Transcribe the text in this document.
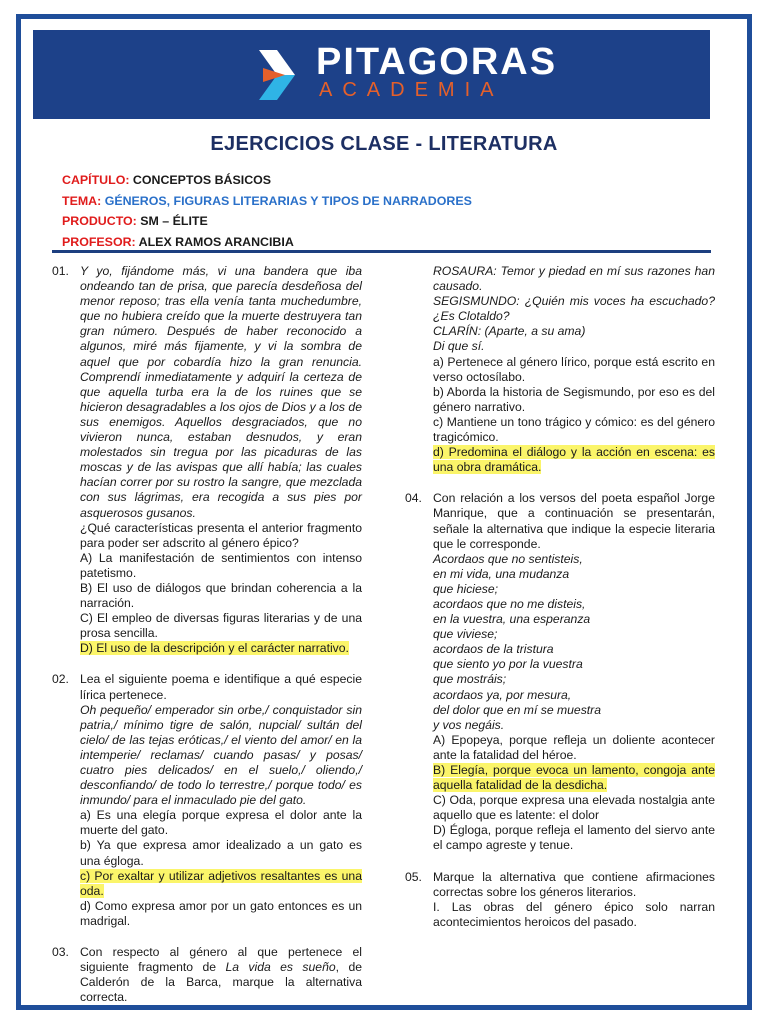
PITAGORAS
ACADEMIA
EJERCICIOS CLASE - LITERATURA
CAPÍTULO: CONCEPTOS BÁSICOS
TEMA: GÉNEROS, FIGURAS LITERARIAS Y TIPOS DE NARRADORES
PRODUCTO: SM – ÉLITE
PROFESOR: ALEX RAMOS ARANCIBIA
01. Y yo, fijándome más, vi una bandera que iba ondeando tan de prisa, que parecía desdeñosa del menor reposo; tras ella venía tanta muchedumbre, que no hubiera creído que la muerte destruyera tan gran número. Después de haber reconocido a algunos, miré más fijamente, y vi la sombra de aquel que por cobardía hizo la gran renuncia. Comprendí inmediatamente y adquirí la certeza de que aquella turba era la de los ruines que se hicieron desagradables a los ojos de Dios y a los de sus enemigos. Aquellos desgraciados, que no vivieron nunca, estaban desnudos, y eran molestados sin tregua por las picaduras de las moscas y de las avispas que allí había; las cuales hacían correr por su rostro la sangre, que mezclada con sus lágrimas, era recogida a sus pies por asquerosos gusanos.

¿Qué características presenta el anterior fragmento para poder ser adscrito al género épico?

A) La manifestación de sentimientos con intenso patetismo.

B) El uso de diálogos que brindan coherencia a la narración.

C) El empleo de diversas figuras literarias y de una prosa sencilla.

D) El uso de la descripción y el carácter narrativo.

02. Lea el siguiente poema e identifique a qué especie lírica pertenece.

Oh pequeño/ emperador sin orbe,/ conquistador sin patria,/ mínimo tigre de salón, nupcial/ sultán del cielo/ de las tejas eróticas,/ el viento del amor/ en la intemperie/ reclamas/ cuando pasas/ y posas/ cuatro pies delicados/ en el suelo,/ oliendo,/ desconfiando/ de todo lo terrestre,/ porque todo/ es inmundo/ para el inmaculado pie del gato.

a) Es una elegía porque expresa el dolor ante la muerte del gato.

b) Ya que expresa amor idealizado a un gato es una égloga.

c) Por exaltar y utilizar adjetivos resaltantes es una oda.

d) Como expresa amor por un gato entonces es un madrigal.

03. Con respecto al género al que pertenece el siguiente fragmento de La vida es sueño, de Calderón de la Barca, marque la alternativa correcta.

ROSAURA: Temor y piedad en mí sus razones han causado.

SEGISMUNDO: ¿Quién mis voces ha escuchado? ¿Es Clotaldo?

CLARÍN: (Aparte, a su ama)

Di que sí.

a) Pertenece al género lírico, porque está escrito en verso octosílabo.

b) Aborda la historia de Segismundo, por eso es del género narrativo.

c) Mantiene un tono trágico y cómico: es del género tragicómico.

d) Predomina el diálogo y la acción en escena: es una obra dramática.

04. Con relación a los versos del poeta español Jorge Manrique, que a continuación se presentarán, señale la alternativa que indique la especie literaria que le corresponde.

Acordaos que no sentisteis,

en mi vida, una mudanza

que hiciese;

acordaos que no me disteis,

en la vuestra, una esperanza

que viviese;

acordaos de la tristura

que siento yo por la vuestra

que mostráis;

acordaos ya, por mesura,

del dolor que en mí se muestra

y vos negáis.

A) Epopeya, porque refleja un doliente acontecer ante la fatalidad del héroe.

B) Elegía, porque evoca un lamento, congoja ante aquella fatalidad de la desdicha.

C) Oda, porque expresa una elevada nostalgia ante aquello que es latente: el dolor

D) Égloga, porque refleja el lamento del siervo ante el campo agreste y tenue.

05. Marque la alternativa que contiene afirmaciones correctas sobre los géneros literarios.

I. Las obras del género épico solo narran acontecimientos heroicos del pasado.
